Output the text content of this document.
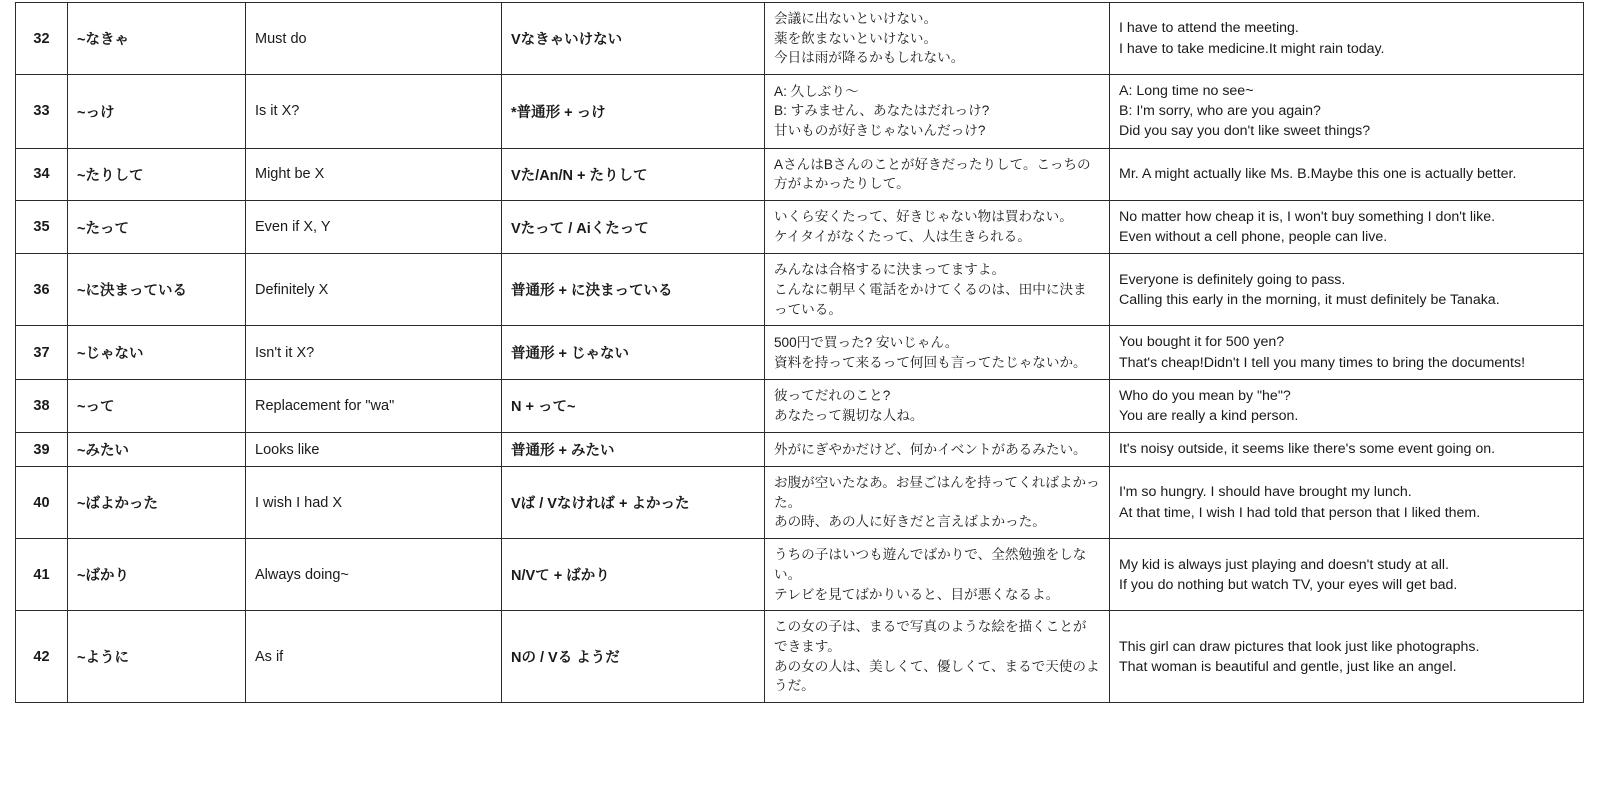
32	~なきゃ	Must do	Vなきゃいけない	会議に出ないといけない。
薬を飲まないといけない。
今日は雨が降るかもしれない。	I have to attend the meeting.
I have to take medicine.It might rain today.

33	~っけ	Is it X?	*普通形 + っけ	A: 久しぶり〜
B: すみません、あなたはだれっけ?
甘いものが好きじゃないんだっけ?	A: Long time no see~
B: I'm sorry, who are you again?
Did you say you don't like sweet things?

34	~たりして	Might be X	Vた/An/N + たりして	AさんはBさんのことが好きだったりして。こっちの方がよかったりして。	Mr. A might actually like Ms. B.Maybe this one is actually better.

35	~たって	Even if X, Y	Vたって / Aiくたって	いくら安くたって、好きじゃない物は買わない。
ケイタイがなくたって、人は生きられる。	No matter how cheap it is, I won't buy something I don't like.
Even without a cell phone, people can live.

36	~に決まっている	Definitely X	普通形 + に決まっている	みんなは合格するに決まってますよ。
こんなに朝早く電話をかけてくるのは、田中に決まっている。	Everyone is definitely going to pass.
Calling this early in the morning, it must definitely be Tanaka.

37	~じゃない	Isn't it X?	普通形 + じゃない	500円で買った? 安いじゃん。
資料を持って来るって何回も言ってたじゃないか。	You bought it for 500 yen?
That's cheap!Didn't I tell you many times to bring the documents!

38	~って	Replacement for "wa"	N + って~	彼ってだれのこと?
あなたって親切な人ね。	Who do you mean by "he"?
You are really a kind person.

39	~みたい	Looks like	普通形 + みたい	外がにぎやかだけど、何かイベントがあるみたい。	It's noisy outside, it seems like there's some event going on.

40	~ばよかった	I wish I had X	Vば / Vなければ + よかった	お腹が空いたなあ。お昼ごはんを持ってくればよかった。
あの時、あの人に好きだと言えばよかった。	I'm so hungry. I should have brought my lunch.
At that time, I wish I had told that person that I liked them.

41	~ばかり	Always doing~	N/Vて + ばかり	うちの子はいつも遊んでばかりで、全然勉強をしない。
テレビを見てばかりいると、目が悪くなるよ。	My kid is always just playing and doesn't study at all.
If you do nothing but watch TV, your eyes will get bad.

42	~ように	As if	Nの / Vる ようだ	この女の子は、まるで写真のような絵を描くことができます。
あの女の人は、美しくて、優しくて、まるで天使のようだ。	This girl can draw pictures that look just like photographs.
That woman is beautiful and gentle, just like an angel.
